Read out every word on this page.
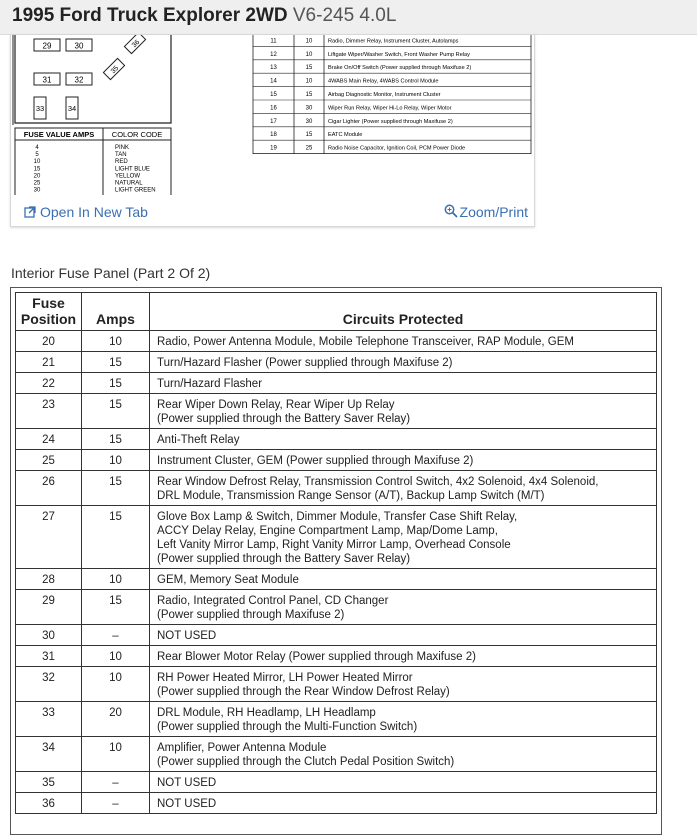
1995 Ford Truck Explorer 2WD V6-245 4.0L
29	30
31	32
33	34
35
36
FUSE VALUE AMPS COLOR CODE
4	PINK
5	TAN
10	RED
15	LIGHT BLUE
20	YELLOW
25	NATURAL
30	LIGHT GREEN
11	10	Radio, Dimmer Relay, Instrument Cluster, Autolamps
12	10	Liftgate Wiper/Washer Switch, Front Washer Pump Relay
13	15	Brake On/Off Switch (Power supplied through Maxifuse 2)
14	10	4WABS Main Relay, 4WABS Control Module
15	15	Airbag Diagnostic Monitor, Instrument Cluster
16	30	Wiper Run Relay, Wiper Hi-Lo Relay, Wiper Motor
17	30	Cigar Lighter (Power supplied through Maxifuse 2)
18	15	EATC Module
19	25	Radio Noise Capacitor, Ignition Coil, PCM Power Diode
Open In New Tab	Zoom/Print
Interior Fuse Panel (Part 2 Of 2)
Fuse
Position	Amps	Circuits Protected
20	10	Radio, Power Antenna Module, Mobile Telephone Transceiver, RAP Module, GEM

21	15	Turn/Hazard Flasher (Power supplied through Maxifuse 2)

22	15	Turn/Hazard Flasher

23	15	Rear Wiper Down Relay, Rear Wiper Up Relay
(Power supplied through the Battery Saver Relay)

24	15	Anti-Theft Relay

25	10	Instrument Cluster, GEM (Power supplied through Maxifuse 2)

26	15	Rear Window Defrost Relay, Transmission Control Switch, 4x2 Solenoid, 4x4 Solenoid,
DRL Module, Transmission Range Sensor (A/T), Backup Lamp Switch (M/T)

27	15	Glove Box Lamp & Switch, Dimmer Module, Transfer Case Shift Relay,
ACCY Delay Relay, Engine Compartment Lamp, Map/Dome Lamp,
Left Vanity Mirror Lamp, Right Vanity Mirror Lamp, Overhead Console
(Power supplied through the Battery Saver Relay)

28	10	GEM, Memory Seat Module

29	15	Radio, Integrated Control Panel, CD Changer
(Power supplied through Maxifuse 2)

30	–	NOT USED

31	10	Rear Blower Motor Relay (Power supplied through Maxifuse 2)

32	10	RH Power Heated Mirror, LH Power Heated Mirror
(Power supplied through the Rear Window Defrost Relay)

33	20	DRL Module, RH Headlamp, LH Headlamp
(Power supplied through the Multi-Function Switch)

34	10	Amplifier, Power Antenna Module
(Power supplied through the Clutch Pedal Position Switch)

35	–	NOT USED

36	–	NOT USED
